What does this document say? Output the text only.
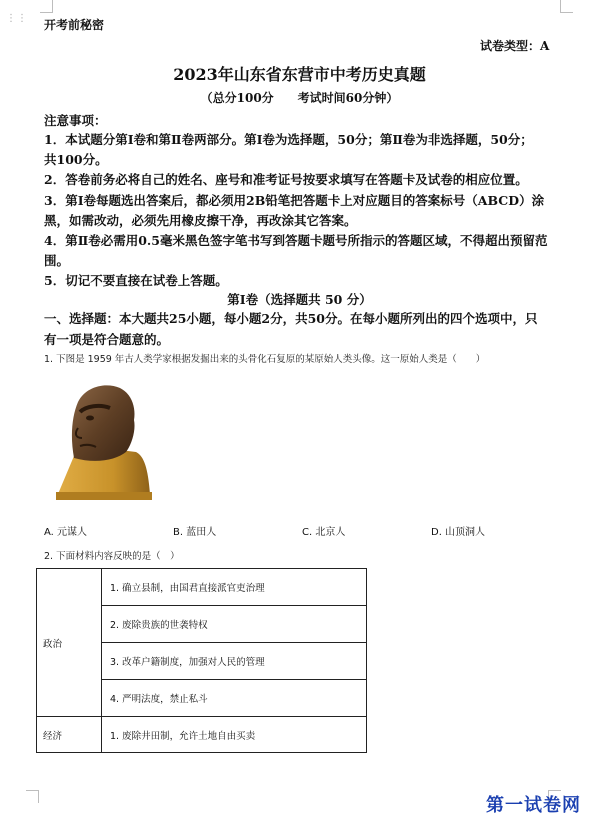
⋮⋮ 开考前秘密
试卷类型：A
2023年山东省东营市中考历史真题
（总分100分　　考试时间60分钟）
注意事项：
1．本试题分第Ⅰ卷和第Ⅱ卷两部分。第Ⅰ卷为选择题，50分；第Ⅱ卷为非选择题，50分；
共100分。
2．答卷前务必将自己的姓名、座号和准考证号按要求填写在答题卡及试卷的相应位置。
3．第Ⅰ卷每题选出答案后，都必须用2B铅笔把答题卡上对应题目的答案标号（ABCD）涂
黑，如需改动，必须先用橡皮擦干净，再改涂其它答案。
4．第Ⅱ卷必需用0.5毫米黑色签字笔书写到答题卡题号所指示的答题区域，不得超出预留范
围。
5．切记不要直接在试卷上答题。
第Ⅰ卷（选择题共 50 分）
一、选择题：本大题共25小题，每小题2分，共50分。在每小题所列出的四个选项中，只
有一项是符合题意的。
1. 下图是 1959 年古人类学家根据发掘出来的头骨化石复原的某原始人类头像。这一原始人类是（　　）
A. 元谋人	B. 蓝田人	C. 北京人	D. 山顶洞人
2. 下面材料内容反映的是（　）
政治	1. 确立县制，由国君直接派官吏治理
	2. 废除贵族的世袭特权
	3. 改革户籍制度，加强对人民的管理
	4. 严明法度，禁止私斗
经济	1. 废除井田制，允许土地自由买卖
第一试卷网
